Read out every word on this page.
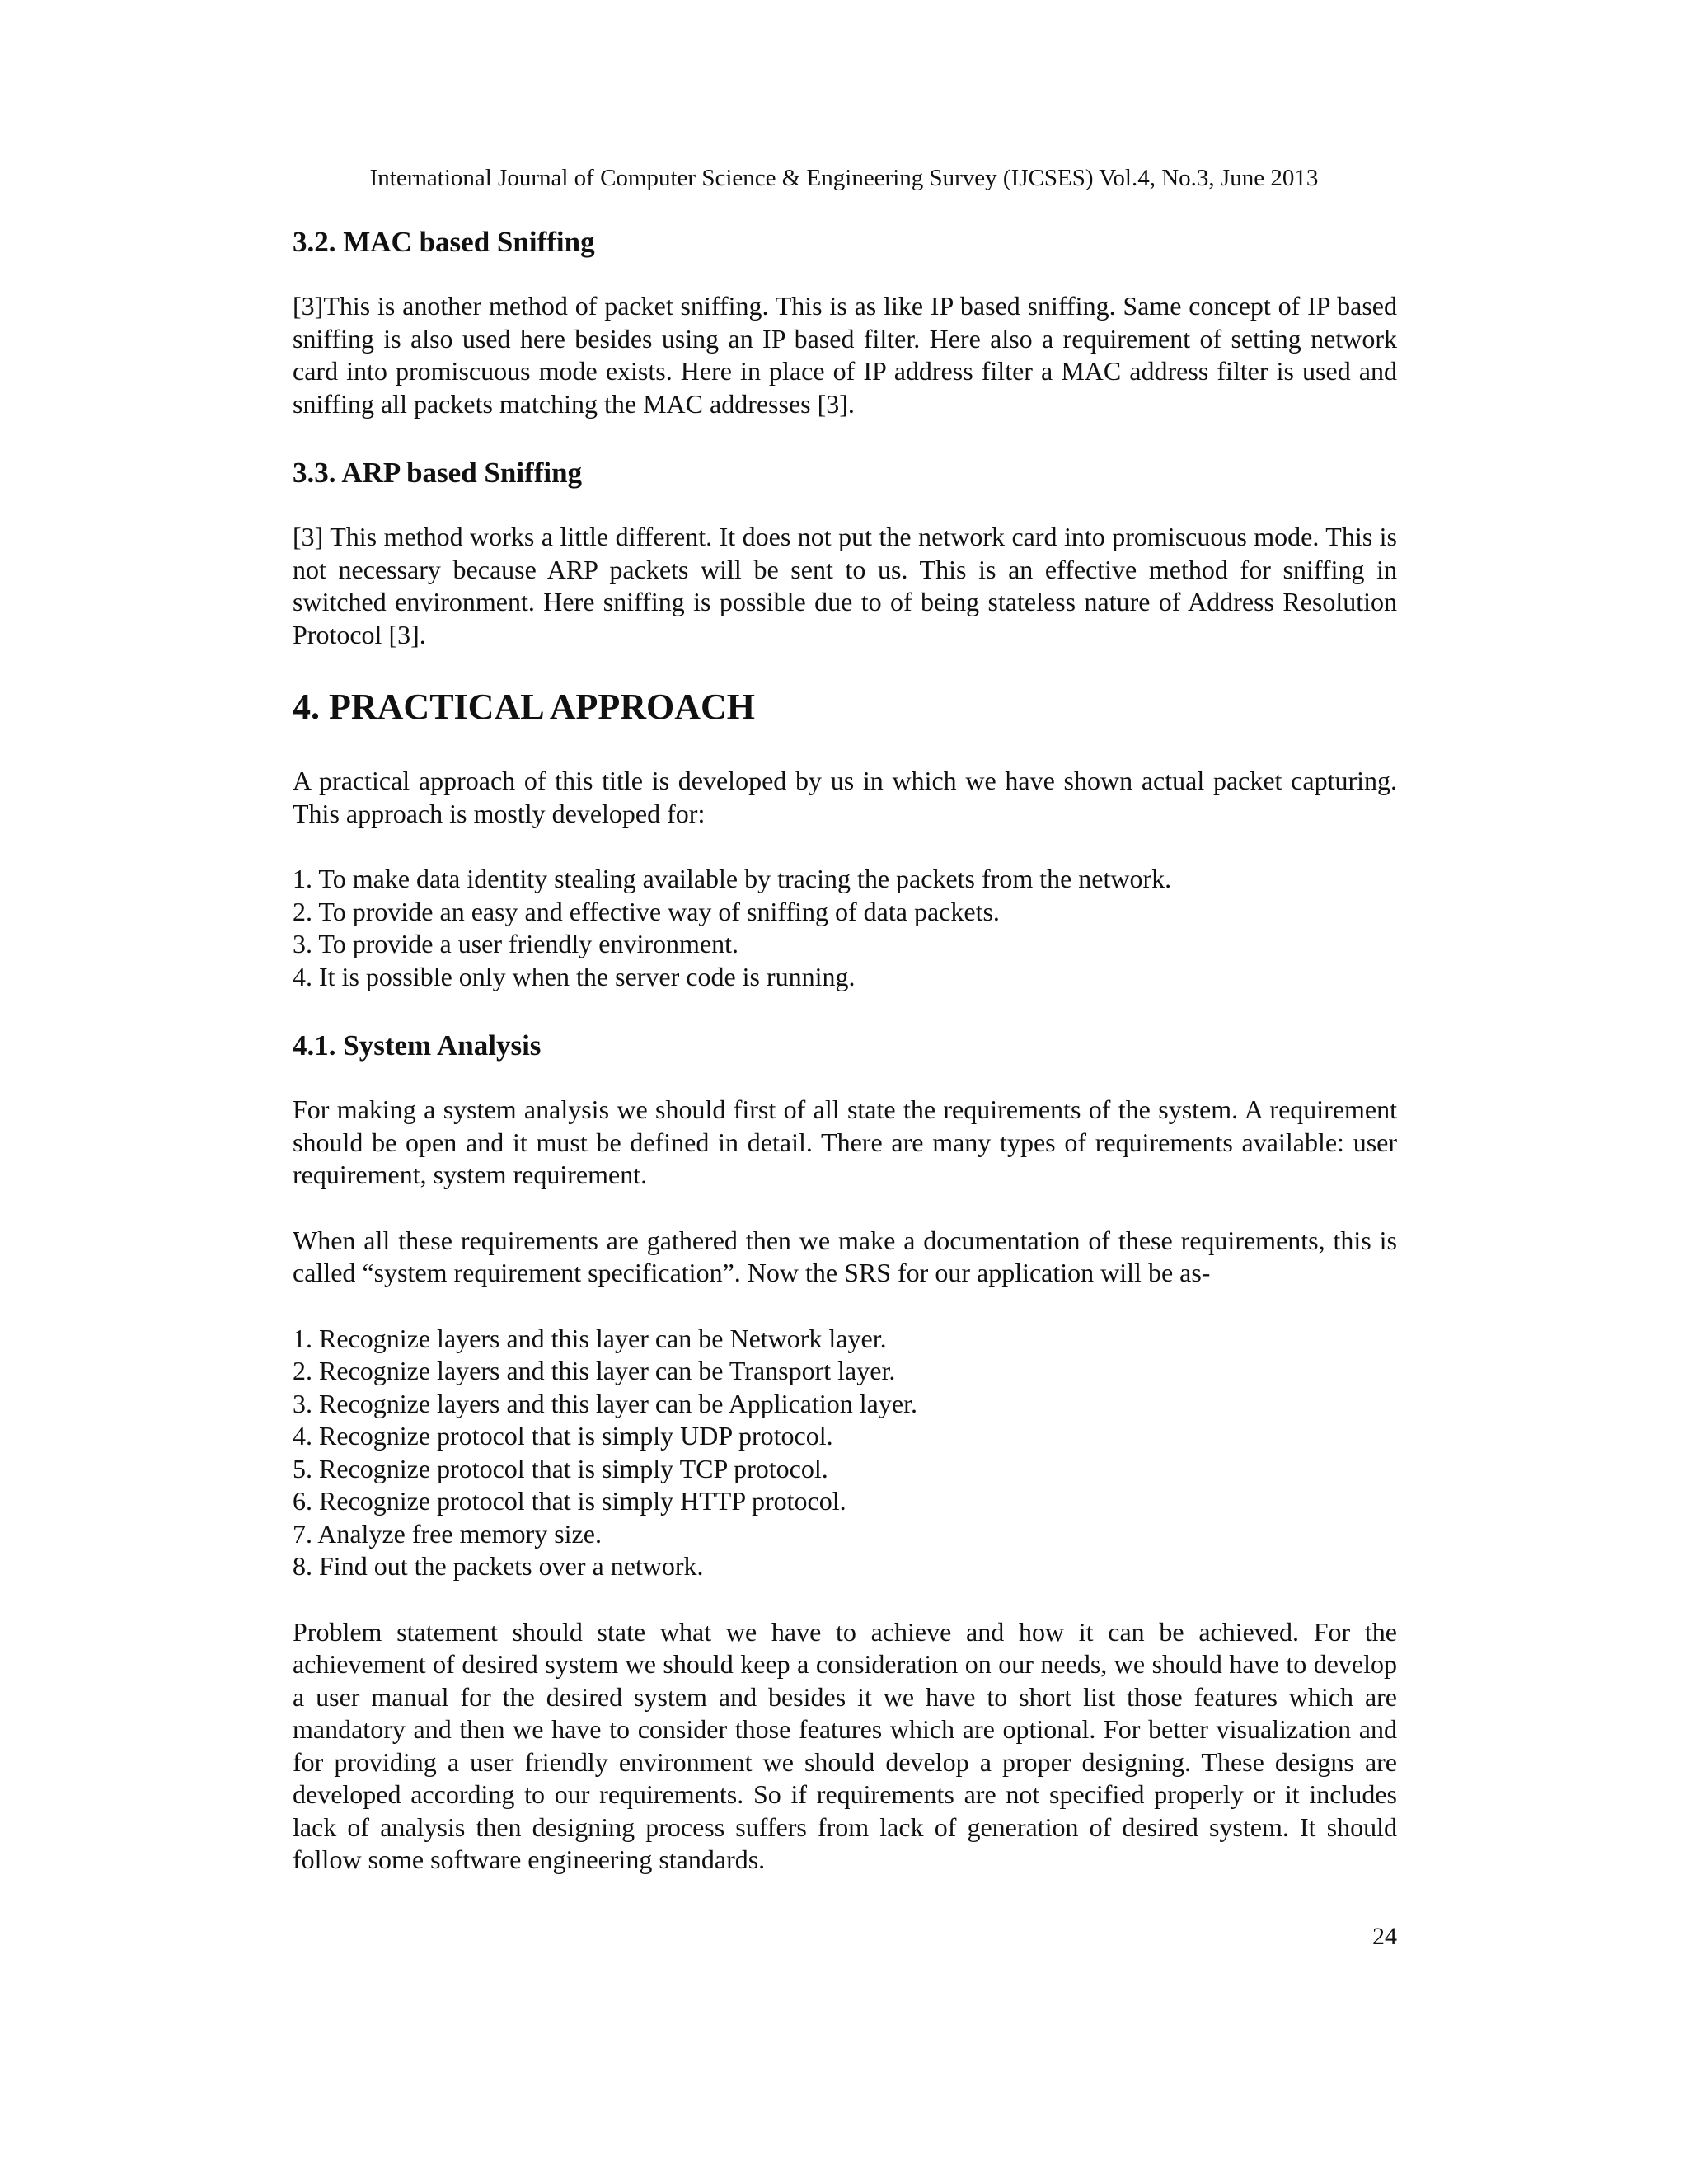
International Journal of Computer Science & Engineering Survey (IJCSES) Vol.4, No.3, June 2013
3.2. MAC based Sniffing

[3]This is another method of packet sniffing. This is as like IP based sniffing. Same concept of IP based sniffing is also used here besides using an IP based filter. Here also a requirement of setting network card into promiscuous mode exists. Here in place of IP address filter a MAC address filter is used and sniffing all packets matching the MAC addresses [3].

3.3. ARP based Sniffing

[3] This method works a little different. It does not put the network card into promiscuous mode. This is not necessary because ARP packets will be sent to us. This is an effective method for sniffing in switched environment. Here sniffing is possible due to of being stateless nature of Address Resolution Protocol [3].

4. PRACTICAL APPROACH

A practical approach of this title is developed by us in which we have shown actual packet capturing. This approach is mostly developed for:

1. To make data identity stealing available by tracing the packets from the network.
2. To provide an easy and effective way of sniffing of data packets.
3. To provide a user friendly environment.
4. It is possible only when the server code is running.
4.1. System Analysis

For making a system analysis we should first of all state the requirements of the system. A requirement should be open and it must be defined in detail. There are many types of requirements available: user requirement, system requirement.

When all these requirements are gathered then we make a documentation of these requirements, this is called “system requirement specification”. Now the SRS for our application will be as-

1. Recognize layers and this layer can be Network layer.
2. Recognize layers and this layer can be Transport layer.
3. Recognize layers and this layer can be Application layer.
4. Recognize protocol that is simply UDP protocol.
5. Recognize protocol that is simply TCP protocol.
6. Recognize protocol that is simply HTTP protocol.
7. Analyze free memory size.
8. Find out the packets over a network.

Problem statement should state what we have to achieve and how it can be achieved. For the achievement of desired system we should keep a consideration on our needs, we should have to develop a user manual for the desired system and besides it we have to short list those features which are mandatory and then we have to consider those features which are optional. For better visualization and for providing a user friendly environment we should develop a proper designing. These designs are developed according to our requirements. So if requirements are not specified properly or it includes lack of analysis then designing process suffers from lack of generation of desired system. It should follow some software engineering standards.

24
